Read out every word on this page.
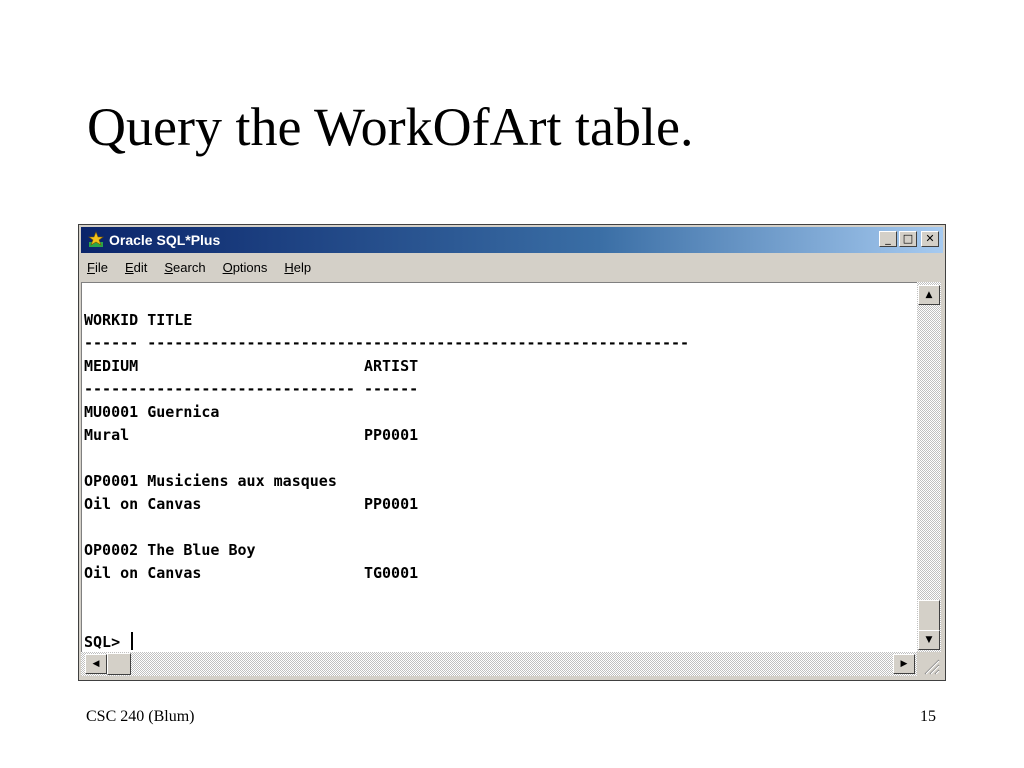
Query the WorkOfArt table.
Oracle SQL*Plus	_	□	✕
File Edit Search Options Help
WORKID TITLE
------ ------------------------------------------------------------
MEDIUM                         ARTIST
------------------------------ ------
MU0001 Guernica
Mural                          PP0001

OP0001 Musiciens aux masques
Oil on Canvas                  PP0001

OP0002 The Blue Boy
Oil on Canvas                  TG0001

SQL>
▲
▼
◀	▶
CSC 240 (Blum)	15
